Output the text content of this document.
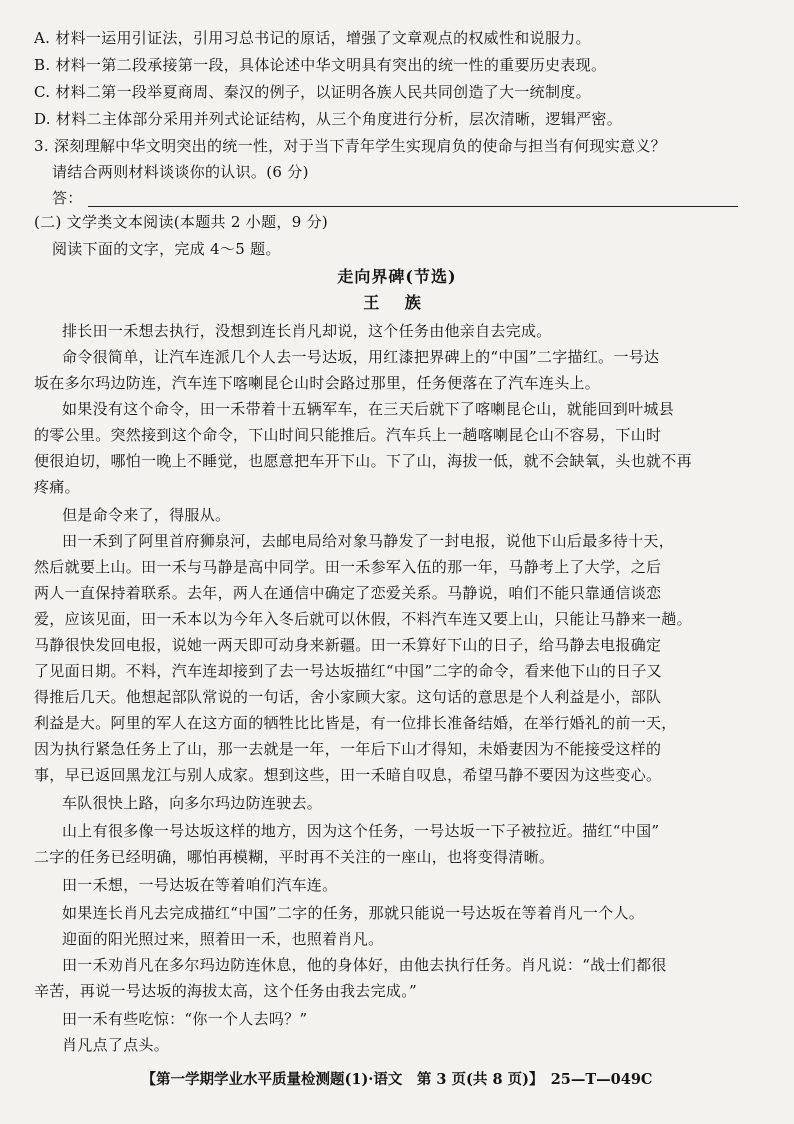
A. 材料一运用引证法，引用习总书记的原话，增强了文章观点的权威性和说服力。
B. 材料一第二段承接第一段，具体论述中华文明具有突出的统一性的重要历史表现。
C. 材料二第一段举夏商周、秦汉的例子，以证明各族人民共同创造了大一统制度。
D. 材料二主体部分采用并列式论证结构，从三个角度进行分析，层次清晰，逻辑严密。
3. 深刻理解中华文明突出的统一性，对于当下青年学生实现肩负的使命与担当有何现实意义？
请结合两则材料谈谈你的认识。(6 分)
答：
(二) 文学类文本阅读(本题共 2 小题，9 分)
阅读下面的文字，完成 4～5 题。
走向界碑(节选)
王 族
排长田一禾想去执行，没想到连长肖凡却说，这个任务由他亲自去完成。
命令很简单，让汽车连派几个人去一号达坂，用红漆把界碑上的“中国”二字描红。一号达
坂在多尔玛边防连，汽车连下喀喇昆仑山时会路过那里，任务便落在了汽车连头上。
如果没有这个命令，田一禾带着十五辆军车，在三天后就下了喀喇昆仑山，就能回到叶城县
的零公里。突然接到这个命令，下山时间只能推后。汽车兵上一趟喀喇昆仑山不容易，下山时
便很迫切，哪怕一晚上不睡觉，也愿意把车开下山。下了山，海拔一低，就不会缺氧，头也就不再
疼痛。
但是命令来了，得服从。
田一禾到了阿里首府狮泉河，去邮电局给对象马静发了一封电报，说他下山后最多待十天，
然后就要上山。田一禾与马静是高中同学。田一禾参军入伍的那一年，马静考上了大学，之后
两人一直保持着联系。去年，两人在通信中确定了恋爱关系。马静说，咱们不能只靠通信谈恋
爱，应该见面，田一禾本以为今年入冬后就可以休假，不料汽车连又要上山，只能让马静来一趟。
马静很快发回电报，说她一两天即可动身来新疆。田一禾算好下山的日子，给马静去电报确定
了见面日期。不料，汽车连却接到了去一号达坂描红“中国”二字的命令，看来他下山的日子又
得推后几天。他想起部队常说的一句话，舍小家顾大家。这句话的意思是个人利益是小，部队
利益是大。阿里的军人在这方面的牺牲比比皆是，有一位排长准备结婚，在举行婚礼的前一天，
因为执行紧急任务上了山，那一去就是一年，一年后下山才得知，未婚妻因为不能接受这样的
事，早已返回黑龙江与别人成家。想到这些，田一禾暗自叹息，希望马静不要因为这些变心。
车队很快上路，向多尔玛边防连驶去。
山上有很多像一号达坂这样的地方，因为这个任务，一号达坂一下子被拉近。描红“中国”
二字的任务已经明确，哪怕再模糊，平时再不关注的一座山，也将变得清晰。
田一禾想，一号达坂在等着咱们汽车连。
如果连长肖凡去完成描红“中国”二字的任务，那就只能说一号达坂在等着肖凡一个人。
迎面的阳光照过来，照着田一禾，也照着肖凡。
田一禾劝肖凡在多尔玛边防连休息，他的身体好，由他去执行任务。肖凡说：“战士们都很
辛苦，再说一号达坂的海拔太高，这个任务由我去完成。”
田一禾有些吃惊：“你一个人去吗？”
肖凡点了点头。
【第一学期学业水平质量检测题(1)·语文　第 3 页(共 8 页)】　25—T—049C
